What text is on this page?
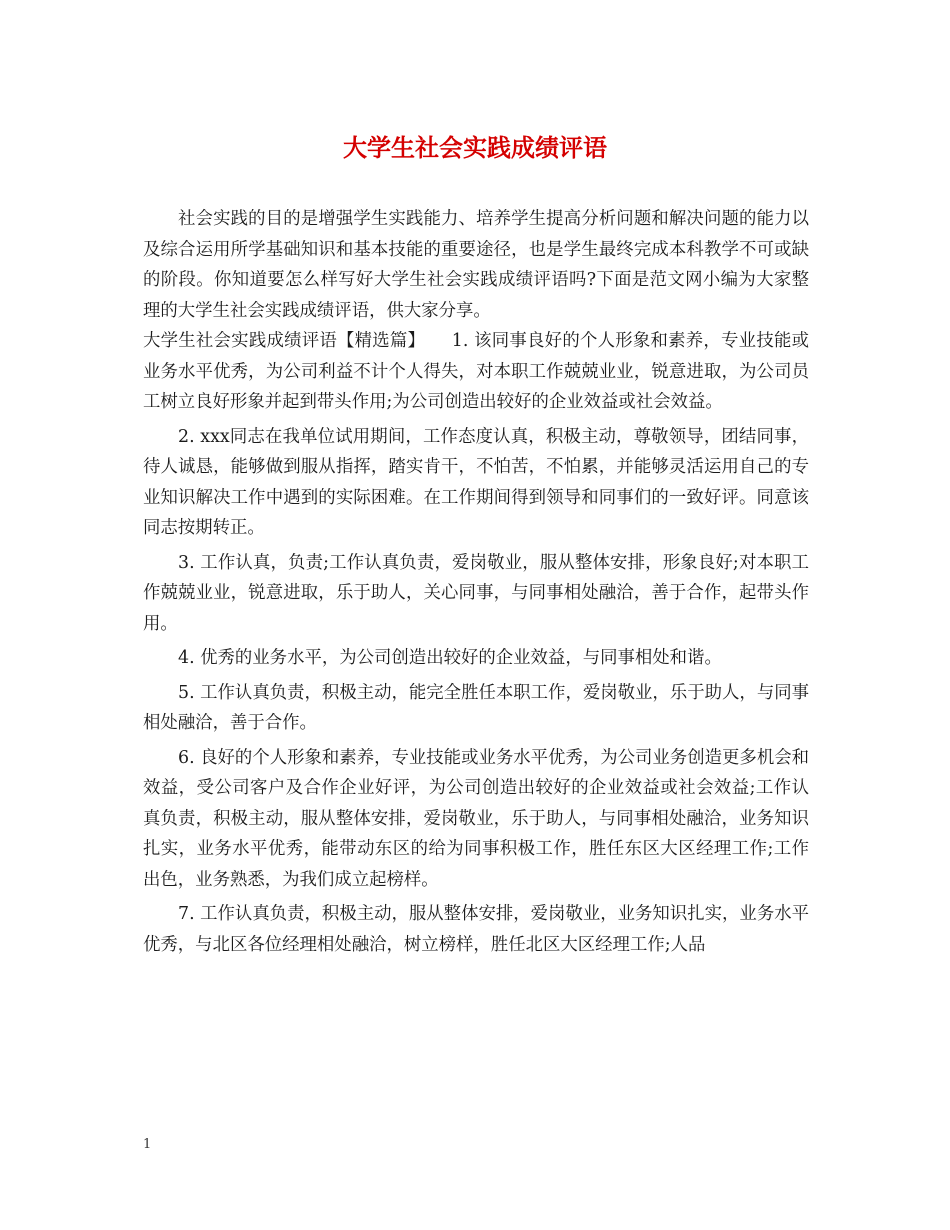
大学生社会实践成绩评语

社会实践的目的是增强学生实践能力、培养学生提高分析问题和解决问题的能力以及综合运用所学基础知识和基本技能的重要途径，也是学生最终完成本科教学不可或缺的阶段。你知道要怎么样写好大学生社会实践成绩评语吗?下面是范文网小编为大家整理的大学生社会实践成绩评语，供大家分享。

大学生社会实践成绩评语【精选篇】　　1. 该同事良好的个人形象和素养，专业技能或业务水平优秀，为公司利益不计个人得失，对本职工作兢兢业业，锐意进取，为公司员工树立良好形象并起到带头作用;为公司创造出较好的企业效益或社会效益。

2. xxx同志在我单位试用期间，工作态度认真，积极主动，尊敬领导，团结同事，待人诚恳，能够做到服从指挥，踏实肯干，不怕苦，不怕累，并能够灵活运用自己的专业知识解决工作中遇到的实际困难。在工作期间得到领导和同事们的一致好评。同意该同志按期转正。

3. 工作认真，负责;工作认真负责，爱岗敬业，服从整体安排，形象良好;对本职工作兢兢业业，锐意进取，乐于助人，关心同事，与同事相处融洽，善于合作，起带头作用。

4. 优秀的业务水平，为公司创造出较好的企业效益，与同事相处和谐。

5. 工作认真负责，积极主动，能完全胜任本职工作，爱岗敬业，乐于助人，与同事相处融洽，善于合作。

6. 良好的个人形象和素养，专业技能或业务水平优秀，为公司业务创造更多机会和效益，受公司客户及合作企业好评，为公司创造出较好的企业效益或社会效益;工作认真负责，积极主动，服从整体安排，爱岗敬业，乐于助人，与同事相处融洽，业务知识扎实，业务水平优秀，能带动东区的给为同事积极工作，胜任东区大区经理工作;工作出色，业务熟悉，为我们成立起榜样。

7. 工作认真负责，积极主动，服从整体安排，爱岗敬业，业务知识扎实，业务水平优秀，与北区各位经理相处融洽，树立榜样，胜任北区大区经理工作;人品

1
